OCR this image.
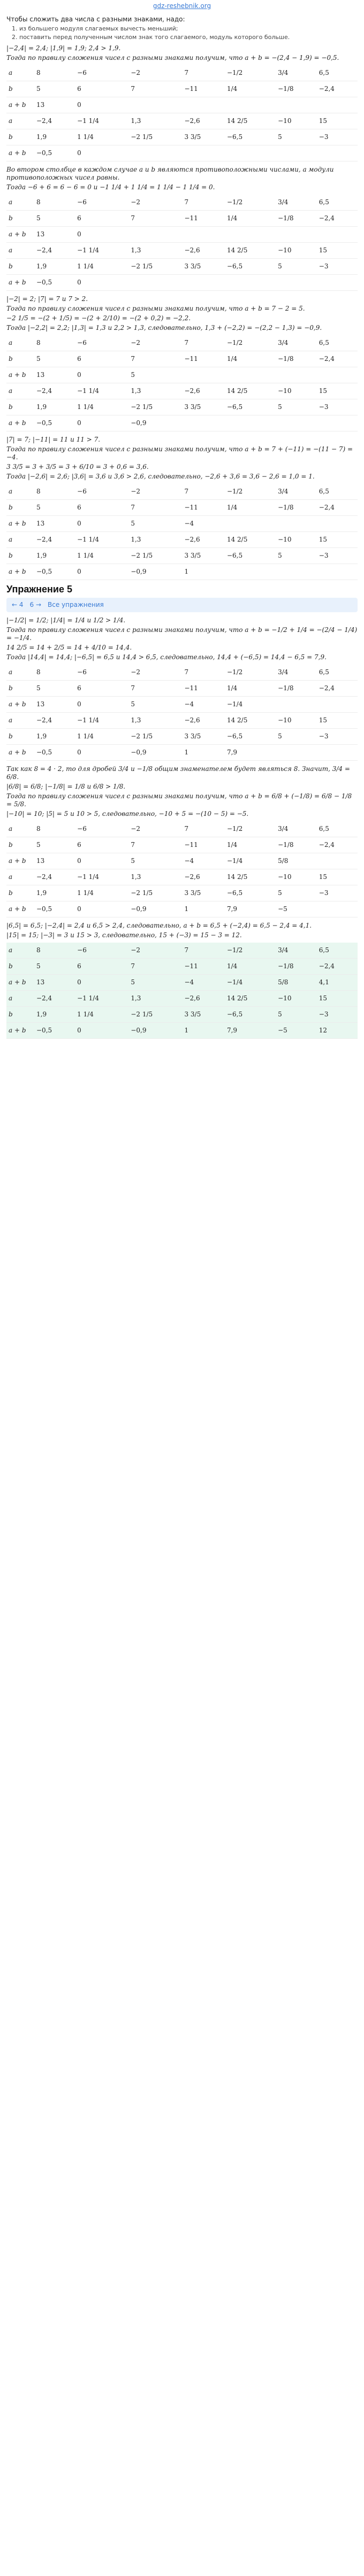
gdz-reshebnik.org

Чтобы сложить два числа с разными знаками, надо:

1. из большего модуля слагаемых вычесть меньший;
2. поставить перед полученным числом знак того слагаемого, модуль которого больше.

|−2,4| = 2,4; |1,9| = 1,9; 2,4 > 1,9.

Тогда по правилу сложения чисел с разными знаками получим, что a + b = −(2,4 − 1,9) = −0,5.

a	8	−6	−2	7	−1/2	3/4	6,5
b	5	6	7	−11	1/4	−1/8	−2,4
a + b	13	0					
a	−2,4	−1 1/4	1,3	−2,6	14 2/5	−10	15
b	1,9	1 1/4	−2 1/5	3 3/5	−6,5	5	−3
a + b	−0,5	0					

Во втором столбце в каждом случае a и b являются противоположными числами, а модули противоположных чисел равны.

Тогда −6 + 6 = 6 − 6 = 0 и −1 1/4 + 1 1/4 = 1 1/4 − 1 1/4 = 0.

a	8	−6	−2	7	−1/2	3/4	6,5
b	5	6	7	−11	1/4	−1/8	−2,4
a + b	13	0					
a	−2,4	−1 1/4	1,3	−2,6	14 2/5	−10	15
b	1,9	1 1/4	−2 1/5	3 3/5	−6,5	5	−3
a + b	−0,5	0					

|−2| = 2; |7| = 7 и 7 > 2.

Тогда по правилу сложения чисел с разными знаками получим, что a + b = 7 − 2 = 5.

−2 1/5 = −(2 + 1/5) = −(2 + 2/10) = −(2 + 0,2) = −2,2.

Тогда |−2,2| = 2,2; |1,3| = 1,3 и 2,2 > 1,3, следовательно, 1,3 + (−2,2) = −(2,2 − 1,3) = −0,9.

a	8	−6	−2	7	−1/2	3/4	6,5
b	5	6	7	−11	1/4	−1/8	−2,4
a + b	13	0	5				
a	−2,4	−1 1/4	1,3	−2,6	14 2/5	−10	15
b	1,9	1 1/4	−2 1/5	3 3/5	−6,5	5	−3
a + b	−0,5	0	−0,9				

|7| = 7; |−11| = 11 и 11 > 7.

Тогда по правилу сложения чисел с разными знаками получим, что a + b = 7 + (−11) = −(11 − 7) = −4.

3 3/5 = 3 + 3/5 = 3 + 6/10 = 3 + 0,6 = 3,6.

Тогда |−2,6| = 2,6; |3,6| = 3,6 и 3,6 > 2,6, следовательно, −2,6 + 3,6 = 3,6 − 2,6 = 1,0 = 1.

a	8	−6	−2	7	−1/2	3/4	6,5
b	5	6	7	−11	1/4	−1/8	−2,4
a + b	13	0	5	−4			
a	−2,4	−1 1/4	1,3	−2,6	14 2/5	−10	15
b	1,9	1 1/4	−2 1/5	3 3/5	−6,5	5	−3
a + b	−0,5	0	−0,9	1			
Упражнение 5
← 4 6 → Все упражнения

|−1/2| = 1/2; |1/4| = 1/4 и 1/2 > 1/4.

Тогда по правилу сложения чисел с разными знаками получим, что a + b = −1/2 + 1/4 = −(2/4 − 1/4) = −1/4.

14 2/5 = 14 + 2/5 = 14 + 4/10 = 14,4.

Тогда |14,4| = 14,4; |−6,5| = 6,5 и 14,4 > 6,5, следовательно, 14,4 + (−6,5) = 14,4 − 6,5 = 7,9.

a	8	−6	−2	7	−1/2	3/4	6,5
b	5	6	7	−11	1/4	−1/8	−2,4
a + b	13	0	5	−4	−1/4		
a	−2,4	−1 1/4	1,3	−2,6	14 2/5	−10	15
b	1,9	1 1/4	−2 1/5	3 3/5	−6,5	5	−3
a + b	−0,5	0	−0,9	1	7,9		

Так как 8 = 4 · 2, то для дробей 3/4 и −1/8 общим знаменателем будет являться 8. Значит, 3/4 = 6/8.

|6/8| = 6/8; |−1/8| = 1/8 и 6/8 > 1/8.

Тогда по правилу сложения чисел с разными знаками получим, что a + b = 6/8 + (−1/8) = 6/8 − 1/8 = 5/8.

|−10| = 10; |5| = 5 и 10 > 5, следовательно, −10 + 5 = −(10 − 5) = −5.

a	8	−6	−2	7	−1/2	3/4	6,5
b	5	6	7	−11	1/4	−1/8	−2,4
a + b	13	0	5	−4	−1/4	5/8	
a	−2,4	−1 1/4	1,3	−2,6	14 2/5	−10	15
b	1,9	1 1/4	−2 1/5	3 3/5	−6,5	5	−3
a + b	−0,5	0	−0,9	1	7,9	−5	

|6,5| = 6,5; |−2,4| = 2,4 и 6,5 > 2,4, следовательно, a + b = 6,5 + (−2,4) = 6,5 − 2,4 = 4,1.

|15| = 15; |−3| = 3 и 15 > 3, следовательно, 15 + (−3) = 15 − 3 = 12.

a	8	−6	−2	7	−1/2	3/4	6,5
b	5	6	7	−11	1/4	−1/8	−2,4
a + b	13	0	5	−4	−1/4	5/8	4,1
a	−2,4	−1 1/4	1,3	−2,6	14 2/5	−10	15
b	1,9	1 1/4	−2 1/5	3 3/5	−6,5	5	−3
a + b	−0,5	0	−0,9	1	7,9	−5	12
